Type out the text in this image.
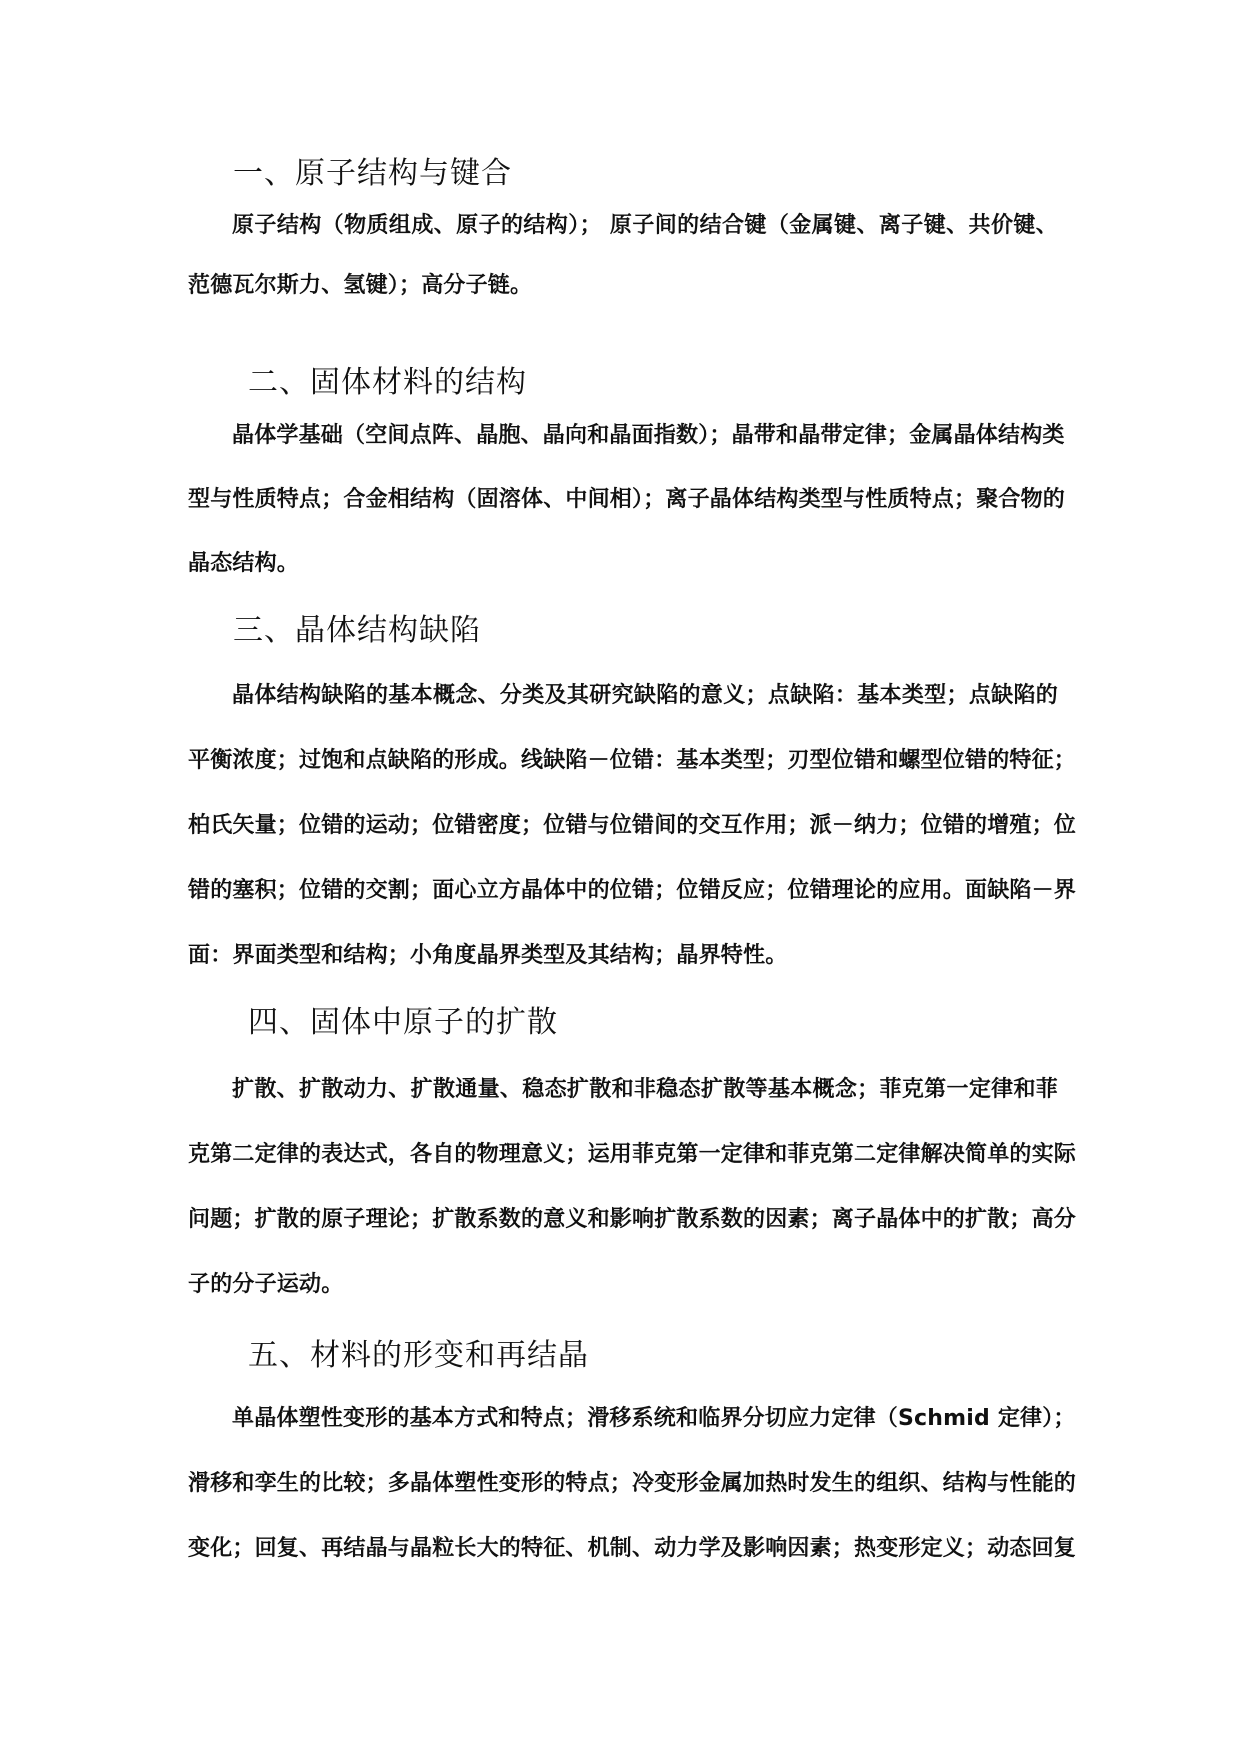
一、原子结构与键合
原子结构（物质组成、原子的结构）； 原子间的结合键（金属键、离子键、共价键、
范德瓦尔斯力、氢键）；高分子链。
二、固体材料的结构
晶体学基础（空间点阵、晶胞、晶向和晶面指数）；晶带和晶带定律；金属晶体结构类
型与性质特点；合金相结构（固溶体、中间相）；离子晶体结构类型与性质特点；聚合物的
晶态结构。
三、晶体结构缺陷
晶体结构缺陷的基本概念、分类及其研究缺陷的意义；点缺陷：基本类型；点缺陷的
平衡浓度；过饱和点缺陷的形成。线缺陷－位错：基本类型；刃型位错和螺型位错的特征；
柏氏矢量；位错的运动；位错密度；位错与位错间的交互作用；派－纳力；位错的增殖；位
错的塞积；位错的交割；面心立方晶体中的位错；位错反应；位错理论的应用。面缺陷－界
面：界面类型和结构；小角度晶界类型及其结构；晶界特性。
四、固体中原子的扩散
扩散、扩散动力、扩散通量、稳态扩散和非稳态扩散等基本概念；菲克第一定律和菲
克第二定律的表达式，各自的物理意义；运用菲克第一定律和菲克第二定律解决简单的实际
问题；扩散的原子理论；扩散系数的意义和影响扩散系数的因素；离子晶体中的扩散；高分
子的分子运动。
五、材料的形变和再结晶
单晶体塑性变形的基本方式和特点；滑移系统和临界分切应力定律（Schmid 定律）；
滑移和孪生的比较；多晶体塑性变形的特点；冷变形金属加热时发生的组织、结构与性能的
变化；回复、再结晶与晶粒长大的特征、机制、动力学及影响因素；热变形定义；动态回复
